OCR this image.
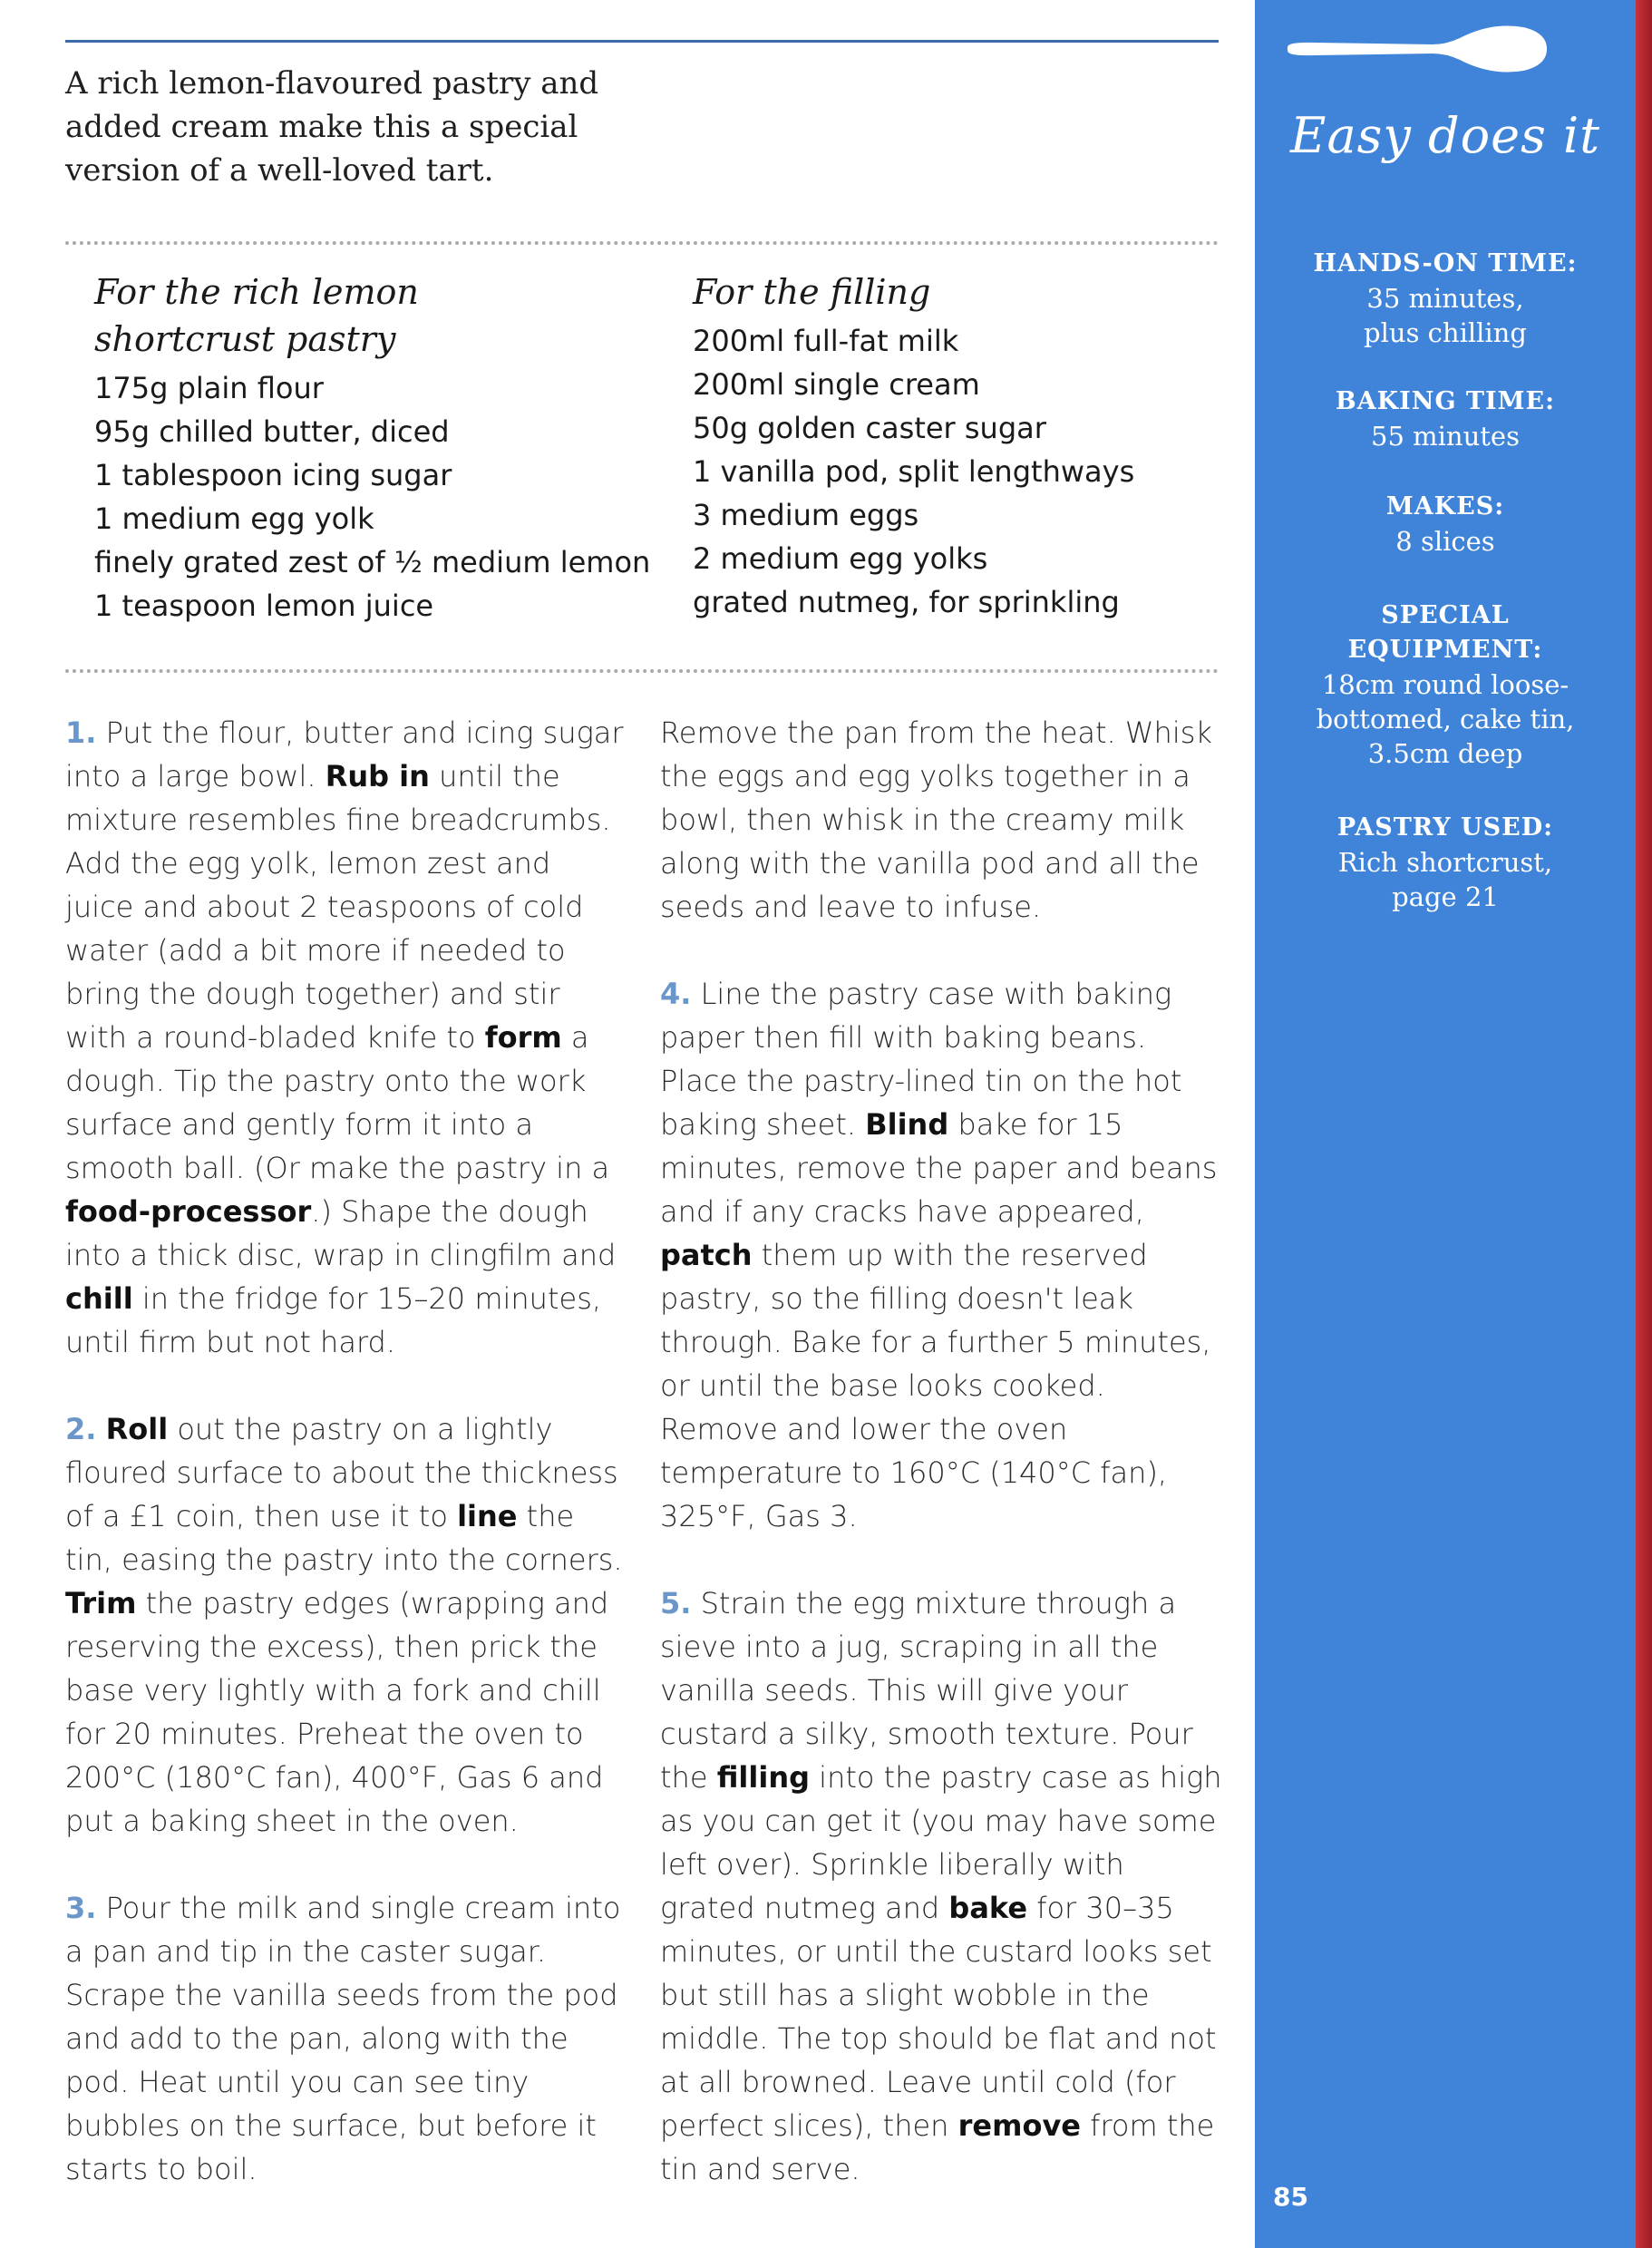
A rich lemon-flavoured pastry and added cream make this a special version of a well-loved tart.

For the rich lemon
shortcrust pastry
175g plain flour
95g chilled butter, diced
1 tablespoon icing sugar
1 medium egg yolk
finely grated zest of ½ medium lemon
1 teaspoon lemon juice
For the filling
200ml full-fat milk
200ml single cream
50g golden caster sugar
1 vanilla pod, split lengthways
3 medium eggs
2 medium egg yolks
grated nutmeg, for sprinkling

1. Put the flour, butter and icing sugar into a large bowl. Rub in until the mixture resembles fine breadcrumbs. Add the egg yolk, lemon zest and juice and about 2 teaspoons of cold water (add a bit more if needed to bring the dough together) and stir with a round-bladed knife to form a dough. Tip the pastry onto the work surface and gently form it into a smooth ball. (Or make the pastry in a food-processor.) Shape the dough into a thick disc, wrap in clingfilm and chill in the fridge for 15–20 minutes, until firm but not hard.

2. Roll out the pastry on a lightly floured surface to about the thickness of a £1 coin, then use it to line the tin, easing the pastry into the corners. Trim the pastry edges (wrapping and reserving the excess), then prick the base very lightly with a fork and chill for 20 minutes. Preheat the oven to 200°C (180°C fan), 400°F, Gas 6 and put a baking sheet in the oven.

3. Pour the milk and single cream into a pan and tip in the caster sugar. Scrape the vanilla seeds from the pod and add to the pan, along with the pod. Heat until you can see tiny bubbles on the surface, but before it starts to boil.

Remove the pan from the heat. Whisk the eggs and egg yolks together in a bowl, then whisk in the creamy milk along with the vanilla pod and all the seeds and leave to infuse.

4. Line the pastry case with baking paper then fill with baking beans. Place the pastry-lined tin on the hot baking sheet. Blind bake for 15 minutes, remove the paper and beans and if any cracks have appeared, patch them up with the reserved pastry, so the filling doesn't leak through. Bake for a further 5 minutes, or until the base looks cooked. Remove and lower the oven temperature to 160°C (140°C fan), 325°F, Gas 3.

5. Strain the egg mixture through a sieve into a jug, scraping in all the vanilla seeds. This will give your custard a silky, smooth texture. Pour the filling into the pastry case as high as you can get it (you may have some left over). Sprinkle liberally with grated nutmeg and bake for 30–35 minutes, or until the custard looks set but still has a slight wobble in the middle. The top should be flat and not at all browned. Leave until cold (for perfect slices), then remove from the tin and serve.

Easy does it
HANDS-ON TIME:
35 minutes,
plus chilling
BAKING TIME:
55 minutes
MAKES:
8 slices
SPECIAL
EQUIPMENT:
18cm round loose-
bottomed, cake tin,
3.5cm deep
PASTRY USED:
Rich shortcrust,
page 21
85
